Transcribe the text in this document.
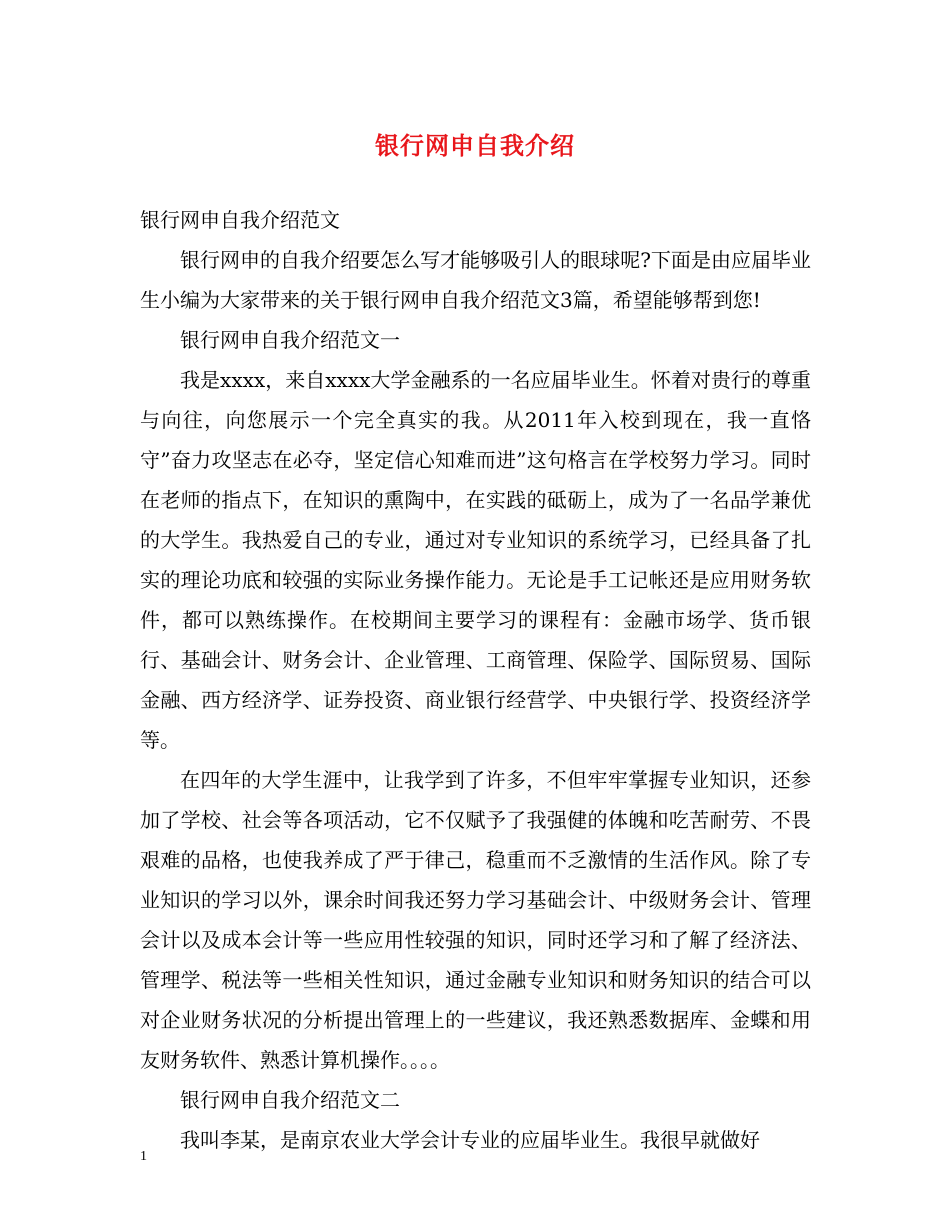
银行网申自我介绍

银行网申自我介绍范文

银行网申的自我介绍要怎么写才能够吸引人的眼球呢?下面是由应届毕业生小编为大家带来的关于银行网申自我介绍范文3篇，希望能够帮到您!

银行网申自我介绍范文一

我是xxxx，来自xxxx大学金融系的一名应届毕业生。怀着对贵行的尊重与向往，向您展示一个完全真实的我。从2011年入校到现在，我一直恪守”奋力攻坚志在必夺，坚定信心知难而进”这句格言在学校努力学习。同时在老师的指点下，在知识的熏陶中，在实践的砥砺上，成为了一名品学兼优的大学生。我热爱自己的专业，通过对专业知识的系统学习，已经具备了扎实的理论功底和较强的实际业务操作能力。无论是手工记帐还是应用财务软件，都可以熟练操作。在校期间主要学习的课程有：金融市场学、货币银行、基础会计、财务会计、企业管理、工商管理、保险学、国际贸易、国际金融、西方经济学、证券投资、商业银行经营学、中央银行学、投资经济学等。

在四年的大学生涯中，让我学到了许多，不但牢牢掌握专业知识，还参加了学校、社会等各项活动，它不仅赋予了我强健的体魄和吃苦耐劳、不畏艰难的品格，也使我养成了严于律己，稳重而不乏激情的生活作风。除了专业知识的学习以外，课余时间我还努力学习基础会计、中级财务会计、管理会计以及成本会计等一些应用性较强的知识，同时还学习和了解了经济法、管理学、税法等一些相关性知识，通过金融专业知识和财务知识的结合可以对企业财务状况的分析提出管理上的一些建议，我还熟悉数据库、金蝶和用友财务软件、熟悉计算机操作。。。。

银行网申自我介绍范文二

我叫李某，是南京农业大学会计专业的应届毕业生。我很早就做好

1
